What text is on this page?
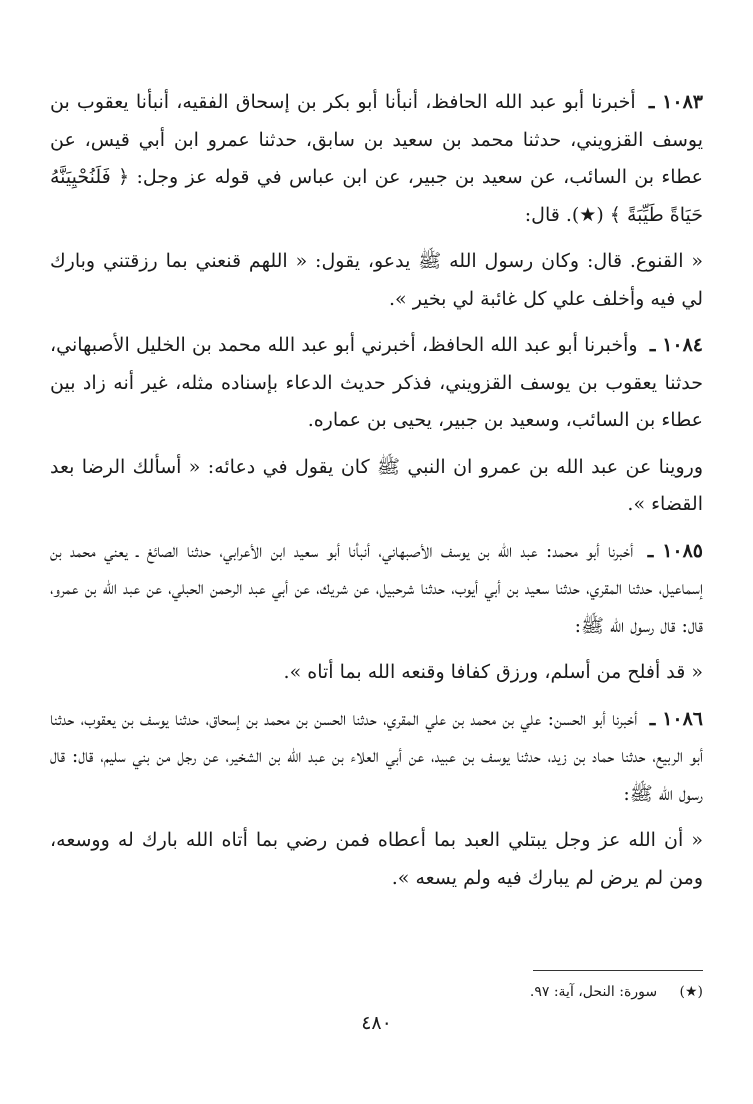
١٠٨٣ ـ أخبرنا أبو عبد الله الحافظ، أنبأنا أبو بكر بن إسحاق الفقيه، أنبأنا يعقوب بن يوسف القزويني، حدثنا محمد بن سعيد بن سابق، حدثنا عمرو ابن أبي قيس، عن عطاء بن السائب، عن سعيد بن جبير، عن ابن عباس في قوله عز وجل: ﴿ فَلَنُحْيِيَنَّهُ حَيَاةً طَيِّبَةً ﴾ (★). قال:

« القنوع. قال: وكان رسول الله ﷺ يدعو، يقول: « اللهم قنعني بما رزقتني وبارك لي فيه وأخلف علي كل غائبة لي بخير ».

١٠٨٤ ـ وأخبرنا أبو عبد الله الحافظ، أخبرني أبو عبد الله محمد بن الخليل الأصبهاني، حدثنا يعقوب بن يوسف القزويني، فذكر حديث الدعاء بإسناده مثله، غير أنه زاد بين عطاء بن السائب، وسعيد بن جبير، يحيى بن عماره.

وروينا عن عبد الله بن عمرو ان النبي ﷺ كان يقول في دعائه: « أسألك الرضا بعد القضاء ».

١٠٨٥ ـ أخبرنا أبو محمد: عبد الله بن يوسف الأصبهاني، أنبأنا أبو سعيد ابن الأعرابي، حدثنا الصائغ ـ يعني محمد بن إسماعيل، حدثنا المقري، حدثنا سعيد بن أبي أيوب، حدثنا شرحبيل، عن شريك، عن أبي عبد الرحمن الحبلي، عن عبد الله بن عمرو، قال: قال رسول الله ﷺ:

« قد أفلح من أسلم، ورزق كفافا وقنعه الله بما أتاه ».

١٠٨٦ ـ أخبرنا أبو الحسن: علي بن محمد بن علي المقري، حدثنا الحسن بن محمد بن إسحاق، حدثنا يوسف بن يعقوب، حدثنا أبو الربيع، حدثنا حماد بن زيد، حدثنا يوسف بن عبيد، عن أبي العلاء بن عبد الله بن الشخير، عن رجل من بني سليم، قال: قال رسول الله ﷺ:

« أن الله عز وجل يبتلي العبد بما أعطاه فمن رضي بما أتاه الله بارك له ووسعه، ومن لم يرض لم يبارك فيه ولم يسعه ».

(★) سورة: النحل، آية: ٩٧.
٤٨٠
